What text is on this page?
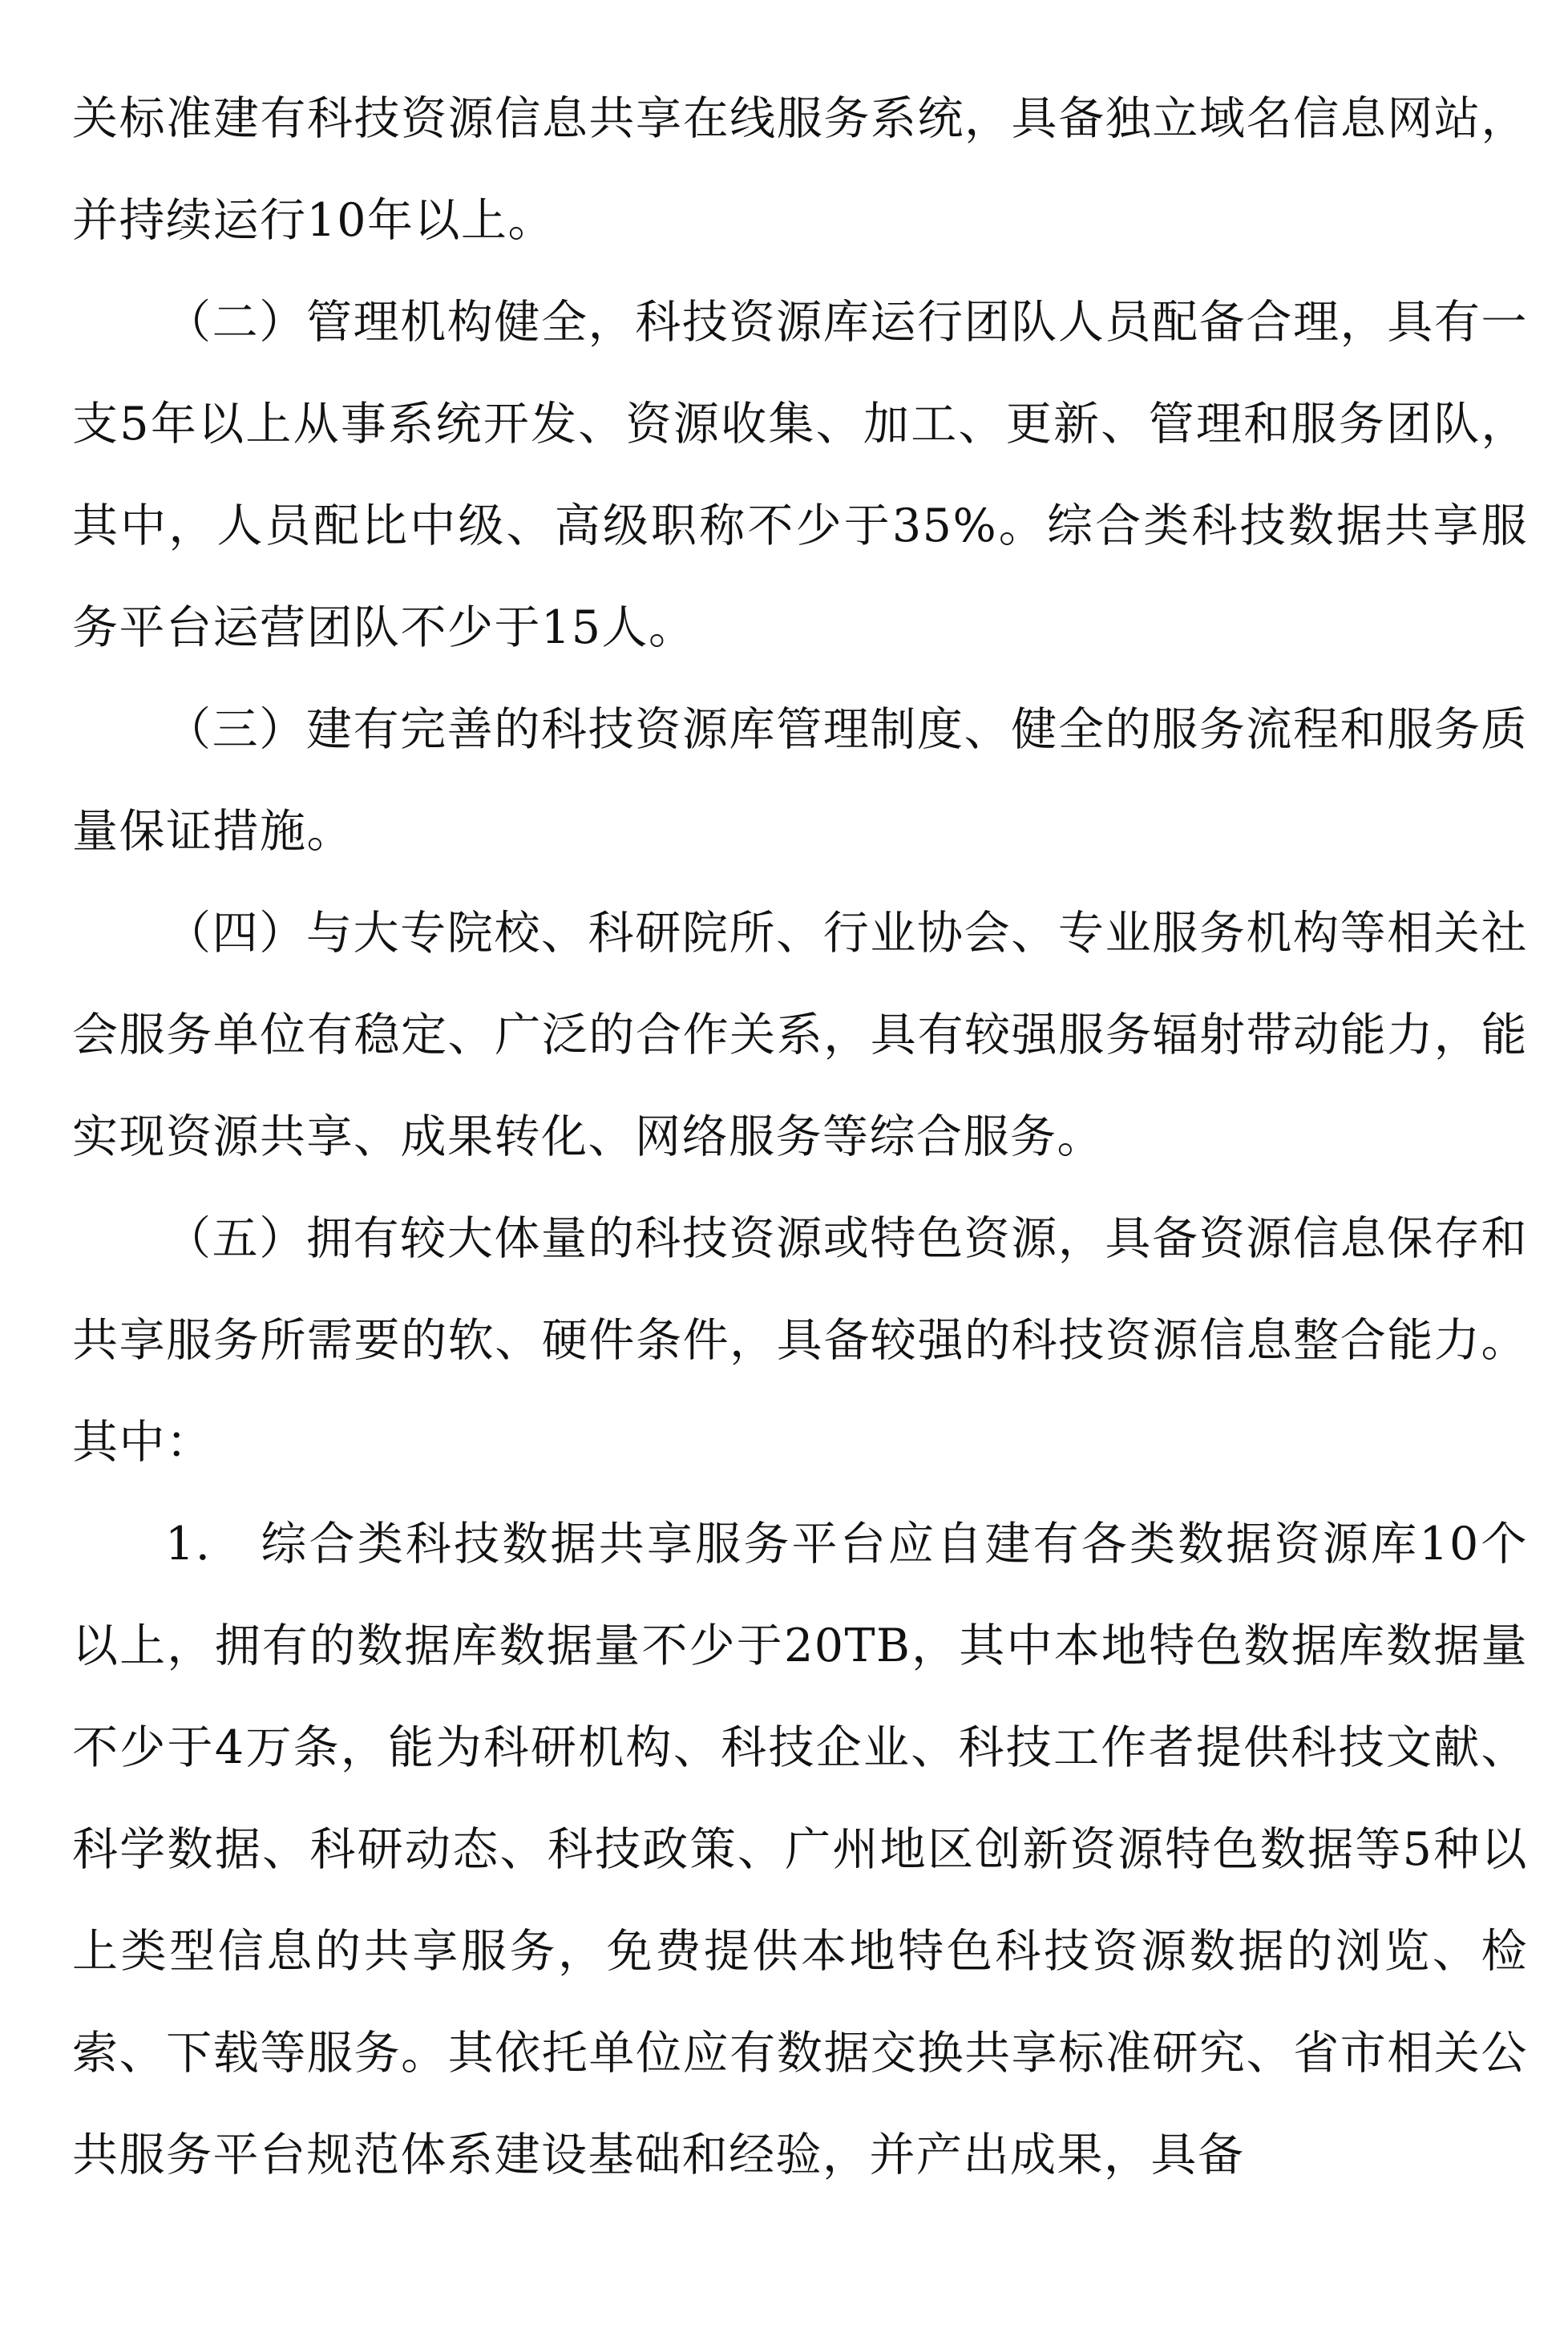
关标准建有科技资源信息共享在线服务系统，具备独立域名信息网站，并持续运行10年以上。

（二）管理机构健全，科技资源库运行团队人员配备合理，具有一支5年以上从事系统开发、资源收集、加工、更新、管理和服务团队，其中，人员配比中级、高级职称不少于35%。综合类科技数据共享服务平台运营团队不少于15人。

（三）建有完善的科技资源库管理制度、健全的服务流程和服务质量保证措施。

（四）与大专院校、科研院所、行业协会、专业服务机构等相关社会服务单位有稳定、广泛的合作关系，具有较强服务辐射带动能力，能实现资源共享、成果转化、网络服务等综合服务。

（五）拥有较大体量的科技资源或特色资源，具备资源信息保存和共享服务所需要的软、硬件条件，具备较强的科技资源信息整合能力。其中：

1.　综合类科技数据共享服务平台应自建有各类数据资源库10个以上，拥有的数据库数据量不少于20TB，其中本地特色数据库数据量不少于4万条，能为科研机构、科技企业、科技工作者提供科技文献、科学数据、科研动态、科技政策、广州地区创新资源特色数据等5种以上类型信息的共享服务，免费提供本地特色科技资源数据的浏览、检索、下载等服务。其依托单位应有数据交换共享标准研究、省市相关公共服务平台规范体系建设基础和经验，并产出成果，具备
